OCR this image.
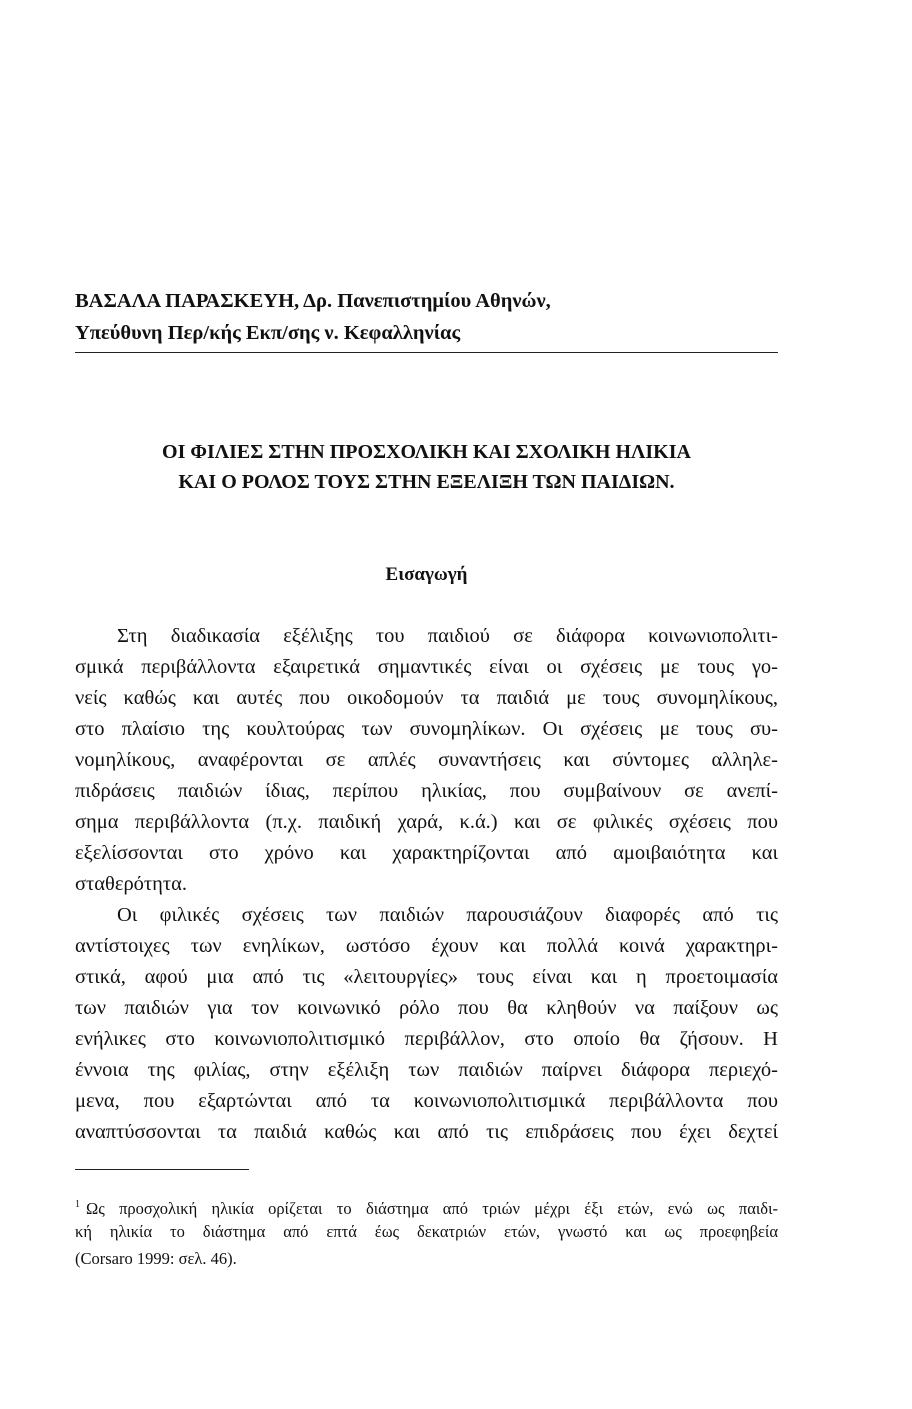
ΒΑΣΑΛΑ ΠΑΡΑΣΚΕΥΗ, Δρ. Πανεπιστημίου Αθηνών,
Υπεύθυνη Περ/κής Εκπ/σης ν. Κεφαλληνίας
ΟΙ ΦΙΛΙΕΣ ΣΤΗΝ ΠΡΟΣΧΟΛΙΚΗ ΚΑΙ ΣΧΟΛΙΚΗ ΗΛΙΚΙΑ
ΚΑΙ Ο ΡΟΛΟΣ ΤΟΥΣ ΣΤΗΝ ΕΞΕΛΙΞΗ ΤΩΝ ΠΑΙΔΙΩΝ.
Εισαγωγή
Στη διαδικασία εξέλιξης του παιδιού σε διάφορα κοινωνιοπολιτι-
σμικά περιβάλλοντα εξαιρετικά σημαντικές είναι οι σχέσεις με τους γο-
νείς καθώς και αυτές που οικοδομούν τα παιδιά με τους συνομηλίκους,
στο πλαίσιο της κουλτούρας των συνομηλίκων. Οι σχέσεις με τους συ-
νομηλίκους, αναφέρονται σε απλές συναντήσεις και σύντομες αλληλε-
πιδράσεις παιδιών ίδιας, περίπου ηλικίας, που συμβαίνουν σε ανεπί-
σημα περιβάλλοντα (π.χ. παιδική χαρά, κ.ά.) και σε φιλικές σχέσεις που
εξελίσσονται στο χρόνο και χαρακτηρίζονται από αμοιβαιότητα και
σταθερότητα.
Οι φιλικές σχέσεις των παιδιών παρουσιάζουν διαφορές από τις
αντίστοιχες των ενηλίκων, ωστόσο έχουν και πολλά κοινά χαρακτηρι-
στικά, αφού μια από τις «λειτουργίες» τους είναι και η προετοιμασία
των παιδιών για τον κοινωνικό ρόλο που θα κληθούν να παίξουν ως
ενήλικες στο κοινωνιοπολιτισμικό περιβάλλον, στο οποίο θα ζήσουν. Η
έννοια της φιλίας, στην εξέλιξη των παιδιών παίρνει διάφορα περιεχό-
μενα, που εξαρτώνται από τα κοινωνιοπολιτισμικά περιβάλλοντα που
αναπτύσσονται τα παιδιά καθώς και από τις επιδράσεις που έχει δεχτεί
$^1$ Ως προσχολική ηλικία ορίζεται το διάστημα από τριών μέχρι έξι ετών, ενώ ως παιδι-
κή ηλικία το διάστημα από επτά έως δεκατριών ετών, γνωστό και ως προεφηβεία
(Corsaro 1999: σελ. 46).
